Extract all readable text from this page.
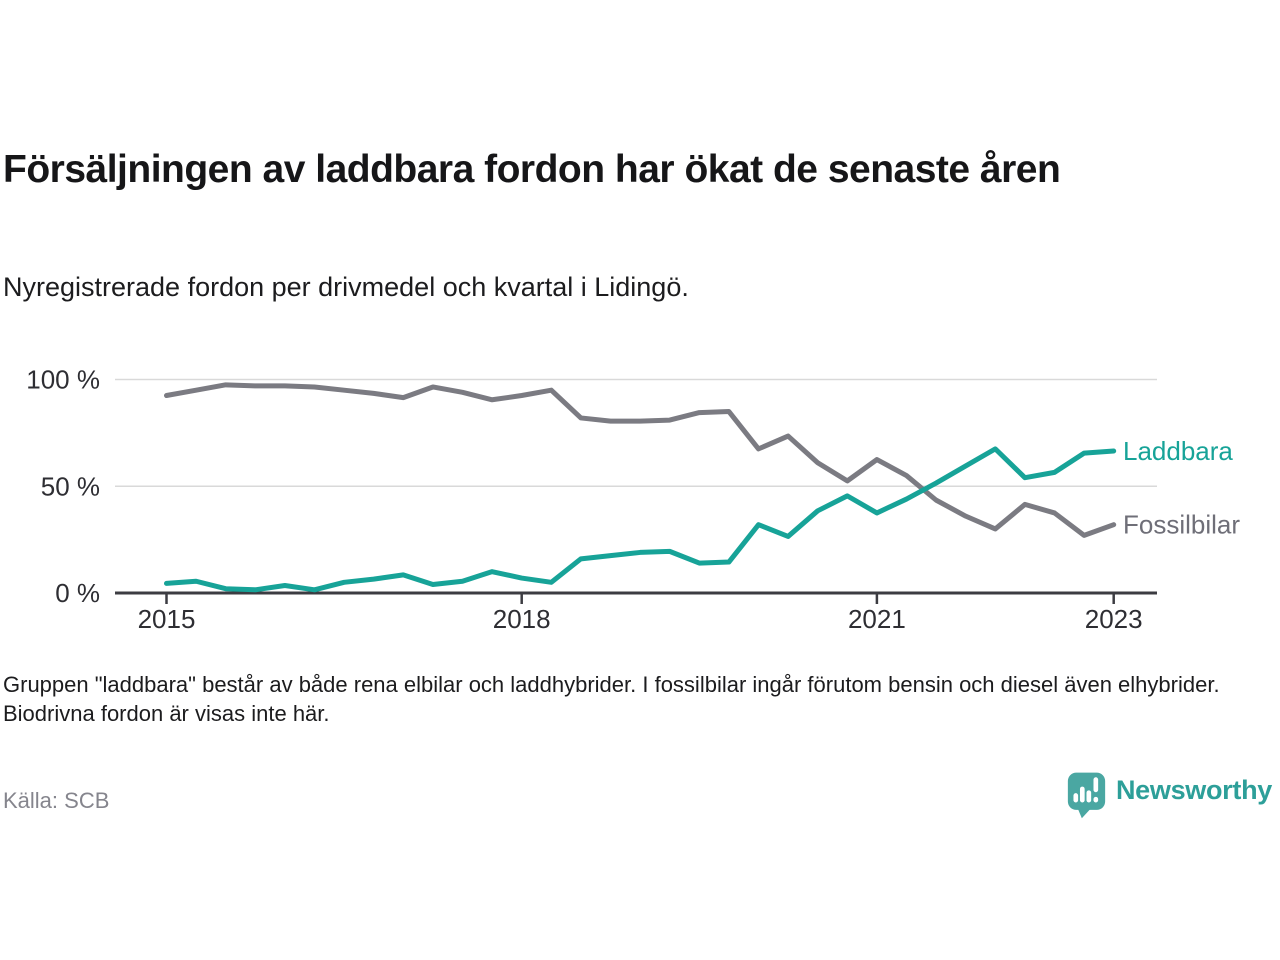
Försäljningen av laddbara fordon har ökat de senaste åren

Nyregistrerade fordon per drivmedel och kvartal i Lidingö.

100 %
50 %
0 %
2015	2018	2021	2023
Fossilbilar
Laddbara

Gruppen "laddbara" består av både rena elbilar och laddhybrider. I fossilbilar ingår förutom bensin och diesel även elhybrider. Biodrivna fordon är visas inte här.

Källa: SCB	Newsworthy
